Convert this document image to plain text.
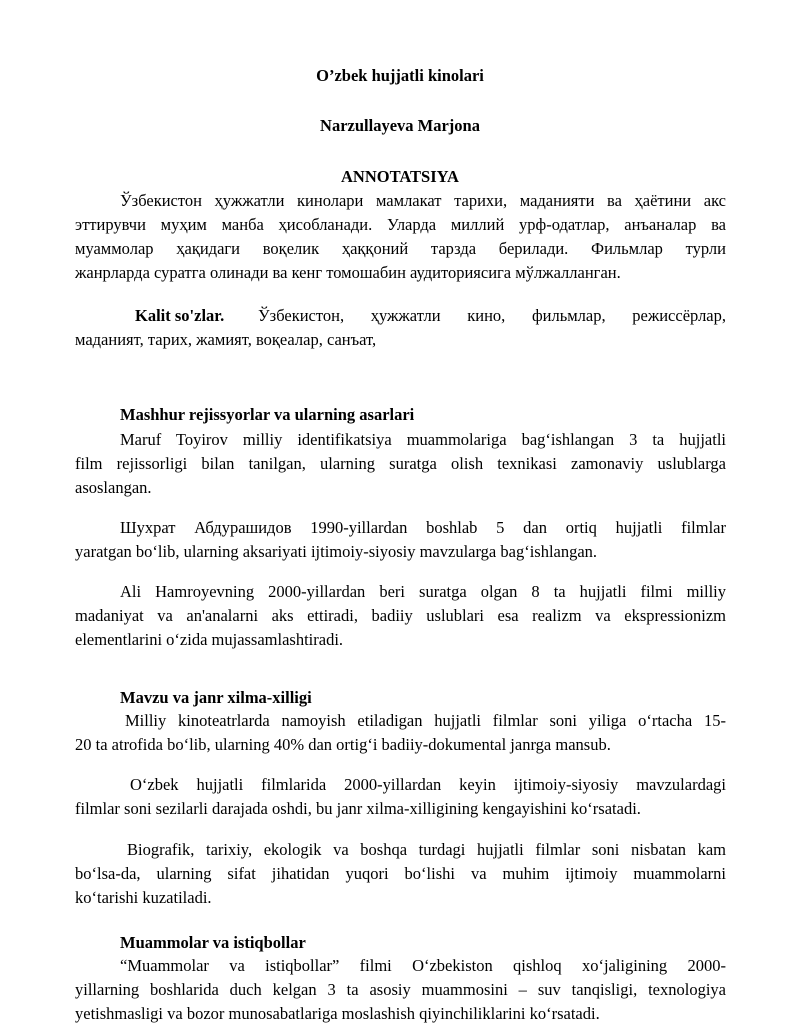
O’zbek hujjatli kinolari
Narzullayeva Marjona
ANNOTATSIYA
Ўзбекистон ҳужжатли кинолари мамлакат тарихи, маданияти ва ҳаётини акс
эттирувчи муҳим манба ҳисобланади. Уларда миллий урф-одатлар, анъаналар ва
муаммолар ҳақидаги воқелик ҳаққоний тарзда берилади. Фильмлар турли
жанрларда суратга олинади ва кенг томошабин аудиториясига мўлжалланган.
Kalit so'zlar. Ўзбекистон, ҳужжатли кино, фильмлар, режиссёрлар,
маданият, тарих, жамият, воқеалар, санъат,
Mashhur rejissyorlar va ularning asarlari
Maruf Toyirov milliy identifikatsiya muammolariga bag‘ishlangan 3 ta hujjatli
film rejissorligi bilan tanilgan, ularning suratga olish texnikasi zamonaviy uslublarga
asoslangan.
Шухрат Абдурашидов 1990-yillardan boshlab 5 dan ortiq hujjatli filmlar
yaratgan bo‘lib, ularning aksariyati ijtimoiy-siyosiy mavzularga bag‘ishlangan.
Ali Hamroyevning 2000-yillardan beri suratga olgan 8 ta hujjatli filmi milliy
madaniyat va an'analarni aks ettiradi, badiiy uslublari esa realizm va ekspressionizm
elementlarini o‘zida mujassamlashtiradi.
Mavzu va janr xilma-xilligi
Milliy kinoteatrlarda namoyish etiladigan hujjatli filmlar soni yiliga o‘rtacha 15-
20 ta atrofida bo‘lib, ularning 40% dan ortig‘i badiiy-dokumental janrga mansub.
O‘zbek hujjatli filmlarida 2000-yillardan keyin ijtimoiy-siyosiy mavzulardagi
filmlar soni sezilarli darajada oshdi, bu janr xilma-xilligining kengayishini ko‘rsatadi.
Biografik, tarixiy, ekologik va boshqa turdagi hujjatli filmlar soni nisbatan kam
bo‘lsa-da, ularning sifat jihatidan yuqori bo‘lishi va muhim ijtimoiy muammolarni
ko‘tarishi kuzatiladi.
Muammolar va istiqbollar
“Muammolar va istiqbollar” filmi O‘zbekiston qishloq xo‘jaligining 2000-
yillarning boshlarida duch kelgan 3 ta asosiy muammosini – suv tanqisligi, texnologiya
yetishmasligi va bozor munosabatlariga moslashish qiyinchiliklarini ko‘rsatadi.
